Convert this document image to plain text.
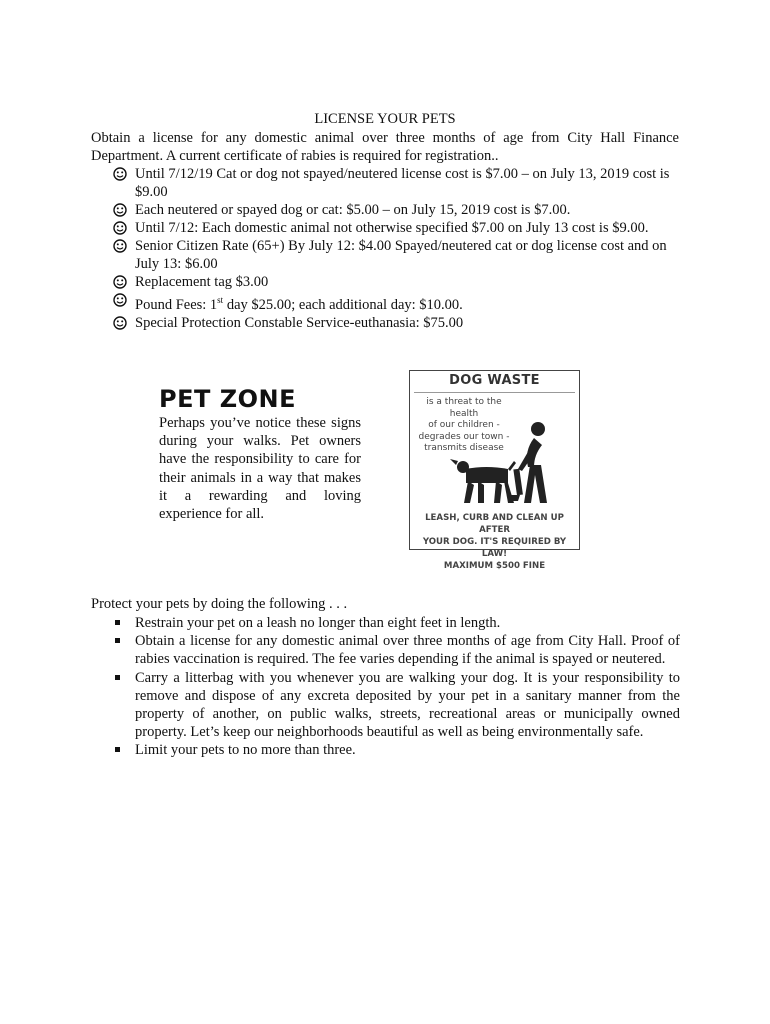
LICENSE YOUR PETS
Obtain a license for any domestic animal over three months of age from City Hall Finance Department. A current certificate of rabies is required for registration..
Until 7/12/19 Cat or dog not spayed/neutered license cost is $7.00 – on July 13, 2019 cost is $9.00
Each neutered or spayed dog or cat: $5.00 – on July 15, 2019 cost is $7.00.
Until 7/12: Each domestic animal not otherwise specified $7.00 on July 13 cost is $9.00.
Senior Citizen Rate (65+) By July 12: $4.00 Spayed/neutered cat or dog license cost and on July 13: $6.00
Replacement tag $3.00
Pound Fees: 1st day $25.00; each additional day: $10.00.
Special Protection Constable Service-euthanasia: $75.00
PET ZONE
Perhaps you’ve notice these signs during your walks. Pet owners have the responsibility to care for their animals in a way that makes it a rewarding and loving experience for all.
DOG WASTE
is a threat to the health
of our children -
degrades our town -
transmits disease
LEASH, CURB AND CLEAN UP AFTER
YOUR DOG. IT'S REQUIRED BY LAW!
MAXIMUM $500 FINE
Protect your pets by doing the following . . .
Restrain your pet on a leash no longer than eight feet in length.
Obtain a license for any domestic animal over three months of age from City Hall. Proof of rabies vaccination is required. The fee varies depending if the animal is spayed or neutered.
Carry a litterbag with you whenever you are walking your dog. It is your responsibility to remove and dispose of any excreta deposited by your pet in a sanitary manner from the property of another, on public walks, streets, recreational areas or municipally owned property. Let’s keep our neighborhoods beautiful as well as being environmentally safe.
Limit your pets to no more than three.
